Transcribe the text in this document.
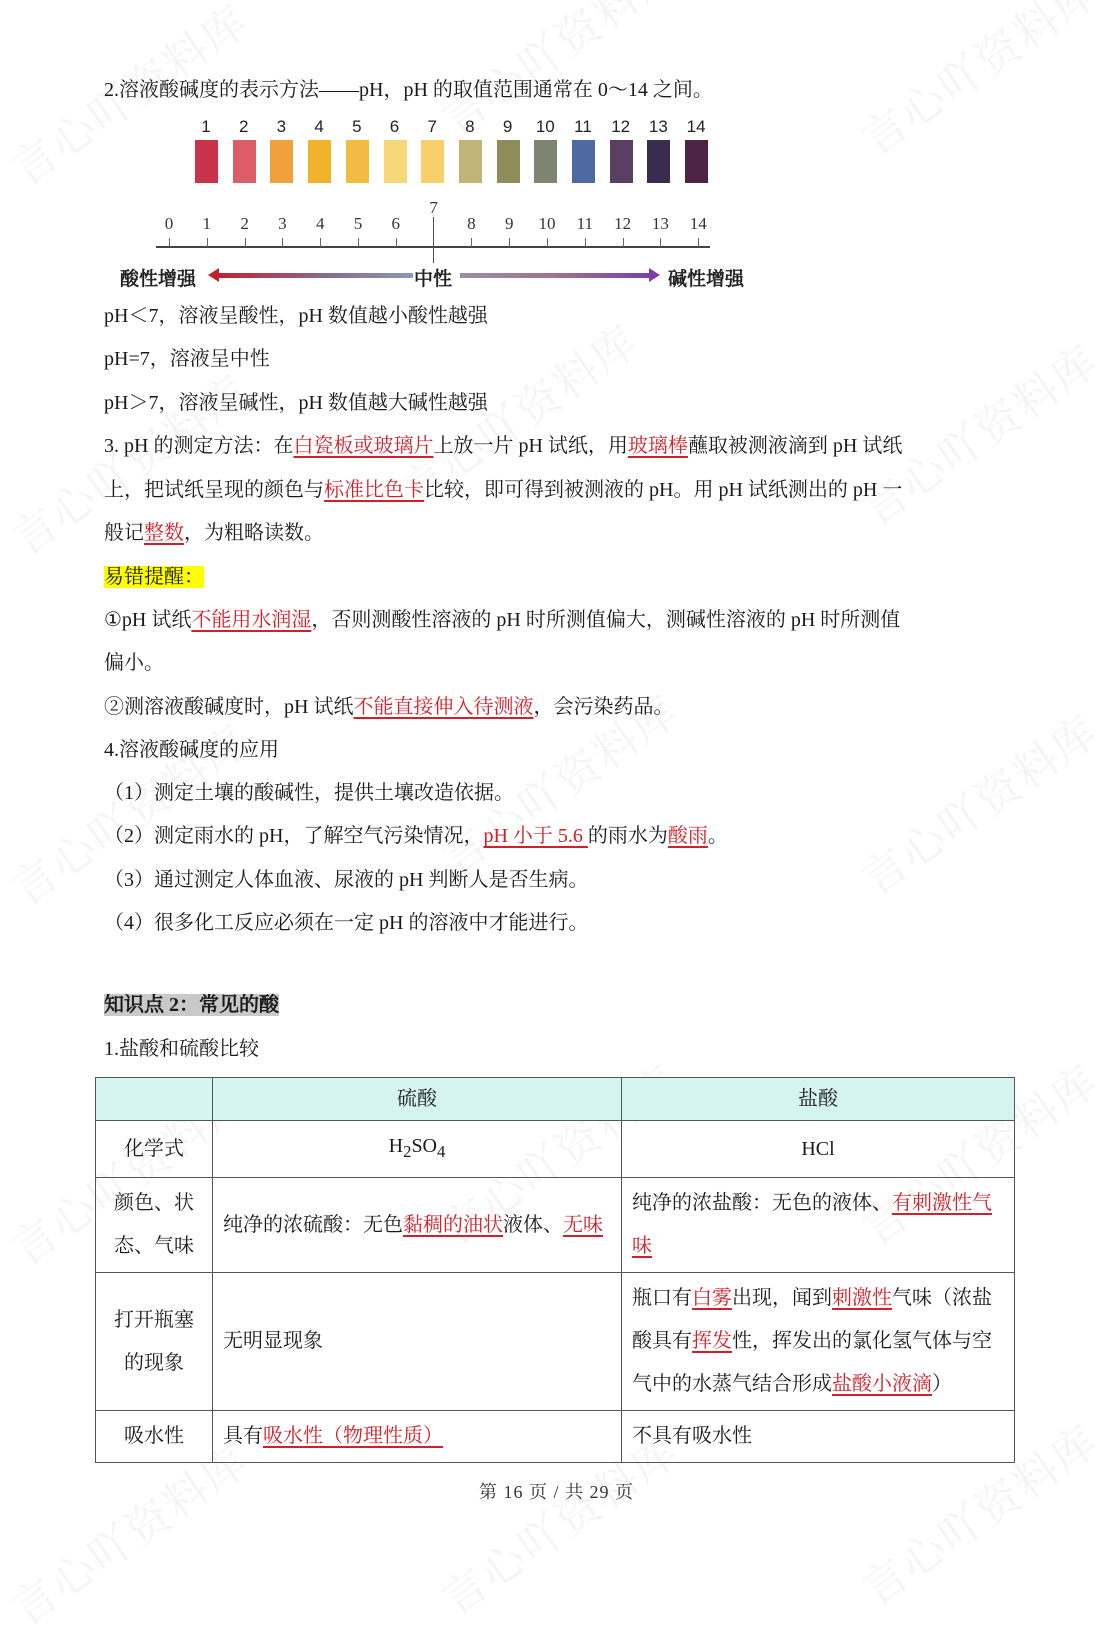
2.溶液酸碱度的表示方法——pH，pH 的取值范围通常在 0～14 之间。
酸性增强	中性	碱性增强
1	2	3	4	5	6	7	8	9	10	11	12	13	14
0	1	2	3	4	5	6
7
8	9	10	11	12	13	14
pH＜7，溶液呈酸性，pH 数值越小酸性越强
pH=7，溶液呈中性
pH＞7，溶液呈碱性，pH 数值越大碱性越强
3. pH 的测定方法：在白瓷板或玻璃片上放一片 pH 试纸，用玻璃棒蘸取被测液滴到 pH 试纸
上，把试纸呈现的颜色与标准比色卡比较，即可得到被测液的 pH。用 pH 试纸测出的 pH 一
般记整数，为粗略读数。
易错提醒：
①pH 试纸不能用水润湿，否则测酸性溶液的 pH 时所测值偏大，测碱性溶液的 pH 时所测值
偏小。
②测溶液酸碱度时，pH 试纸不能直接伸入待测液，会污染药品。
4.溶液酸碱度的应用
（1）测定土壤的酸碱性，提供土壤改造依据。
（2）测定雨水的 pH，了解空气污染情况，pH 小于 5.6 的雨水为酸雨。
（3）通过测定人体血液、尿液的 pH 判断人是否生病。
（4）很多化工反应必须在一定 pH 的溶液中才能进行。
知识点 2：常见的酸
1.盐酸和硫酸比较
	硫酸	盐酸
化学式	$H_2SO_4$	HCl
颜色、状态、气味	纯净的浓硫酸：无色黏稠的油状液体、无味	纯净的浓盐酸：无色的液体、有刺激性气味
打开瓶塞的现象	无明显现象	瓶口有白雾出现，闻到刺激性气味（浓盐酸具有挥发性，挥发出的氯化氢气体与空气中的水蒸气结合形成盐酸小液滴）
吸水性	具有吸水性（物理性质）	不具有吸水性
第 16 页 / 共 29 页
